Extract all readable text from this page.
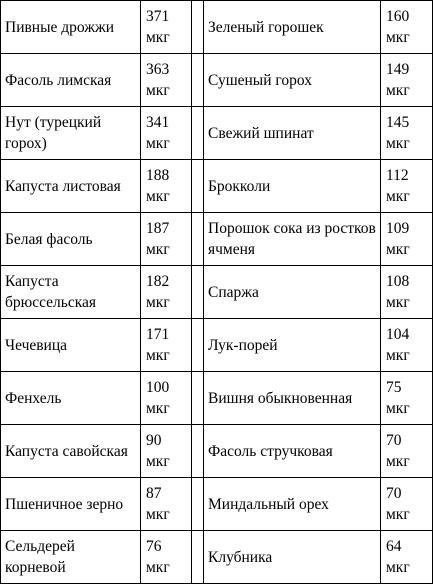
Пивные дрожжи	371 мкг		Зеленый горошек	160 мкг
Фасоль лимская	363 мкг		Сушеный горох	149 мкг
Нут (турецкий горох)	341 мкг		Свежий шпинат	145 мкг
Капуста листовая	188 мкг		Брокколи	112 мкг
Белая фасоль	187 мкг		Порошок сока из ростков ячменя	109 мкг
Капуста брюссельская	182 мкг		Спаржа	108 мкг
Чечевица	171 мкг		Лук-порей	104 мкг
Фенхель	100 мкг		Вишня обыкновенная	75 мкг
Капуста савойская	90 мкг		Фасоль стручковая	70 мкг
Пшеничное зерно	87 мкг		Миндальный орех	70 мкг
Сельдерей корневой	76 мкг		Клубника	64 мкг
